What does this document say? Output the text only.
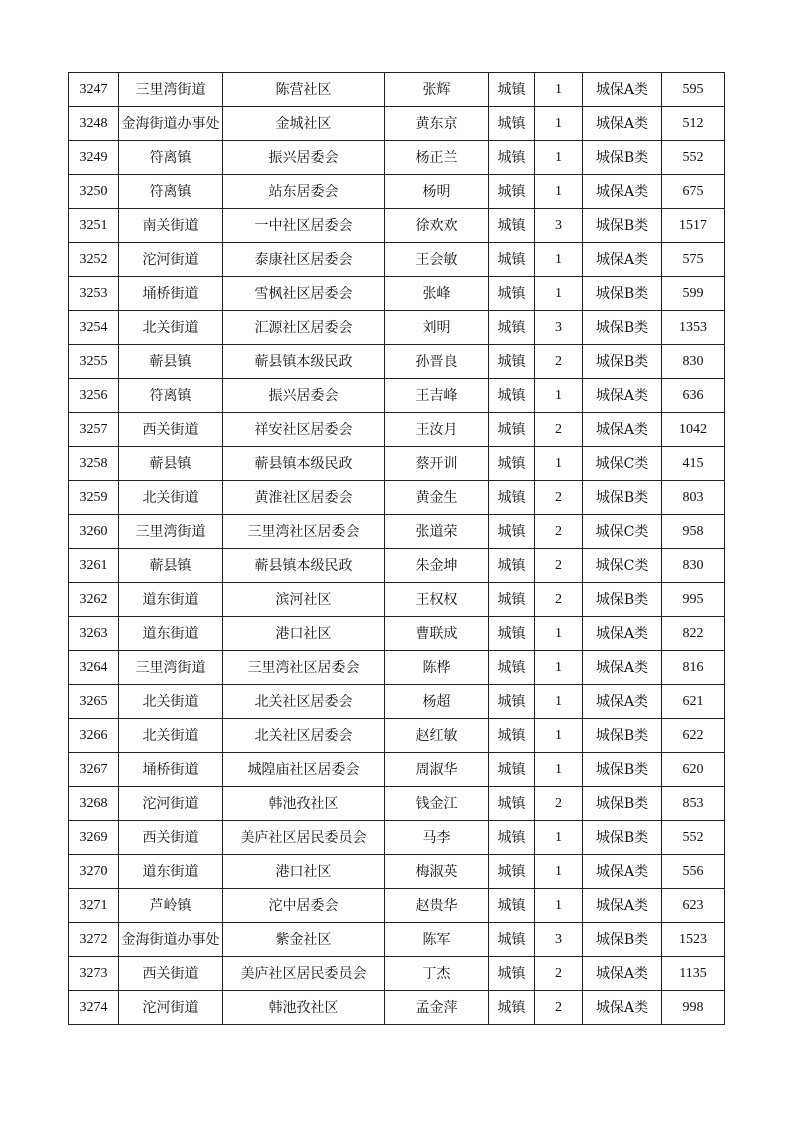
3247	三里湾街道	陈营社区	张辉	城镇	1	城保A类	595
3248	金海街道办事处	金城社区	黄东京	城镇	1	城保A类	512
3249	符离镇	振兴居委会	杨正兰	城镇	1	城保B类	552
3250	符离镇	站东居委会	杨明	城镇	1	城保A类	675
3251	南关街道	一中社区居委会	徐欢欢	城镇	3	城保B类	1517
3252	沱河街道	泰康社区居委会	王会敏	城镇	1	城保A类	575
3253	埇桥街道	雪枫社区居委会	张峰	城镇	1	城保B类	599
3254	北关街道	汇源社区居委会	刘明	城镇	3	城保B类	1353
3255	蕲县镇	蕲县镇本级民政	孙晋良	城镇	2	城保B类	830
3256	符离镇	振兴居委会	王吉峰	城镇	1	城保A类	636
3257	西关街道	祥安社区居委会	王汝月	城镇	2	城保A类	1042
3258	蕲县镇	蕲县镇本级民政	蔡开训	城镇	1	城保C类	415
3259	北关街道	黄淮社区居委会	黄金生	城镇	2	城保B类	803
3260	三里湾街道	三里湾社区居委会	张道荣	城镇	2	城保C类	958
3261	蕲县镇	蕲县镇本级民政	朱金坤	城镇	2	城保C类	830
3262	道东街道	滨河社区	王权权	城镇	2	城保B类	995
3263	道东街道	港口社区	曹联成	城镇	1	城保A类	822
3264	三里湾街道	三里湾社区居委会	陈桦	城镇	1	城保A类	816
3265	北关街道	北关社区居委会	杨超	城镇	1	城保A类	621
3266	北关街道	北关社区居委会	赵红敏	城镇	1	城保B类	622
3267	埇桥街道	城隍庙社区居委会	周淑华	城镇	1	城保B类	620
3268	沱河街道	韩池孜社区	钱金江	城镇	2	城保B类	853
3269	西关街道	美庐社区居民委员会	马李	城镇	1	城保B类	552
3270	道东街道	港口社区	梅淑英	城镇	1	城保A类	556
3271	芦岭镇	沱中居委会	赵贵华	城镇	1	城保A类	623
3272	金海街道办事处	紫金社区	陈军	城镇	3	城保B类	1523
3273	西关街道	美庐社区居民委员会	丁杰	城镇	2	城保A类	1135
3274	沱河街道	韩池孜社区	孟金萍	城镇	2	城保A类	998
